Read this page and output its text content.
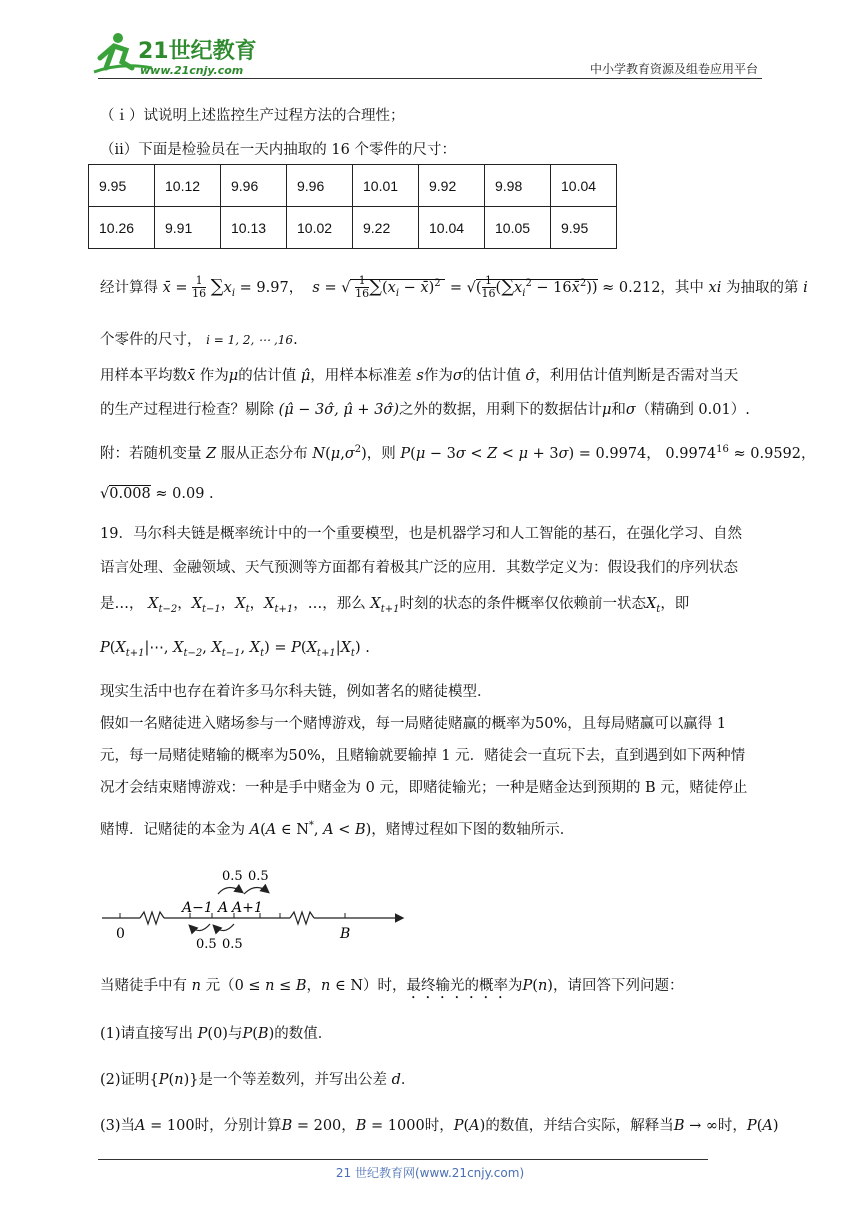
21世纪教育
www.21cnjy.com	中小学教育资源及组卷应用平台
（ｉ）试说明上述监控生产过程方法的合理性；
（ii）下面是检验员在一天内抽取的 16 个零件的尺寸：
9.95	10.12	9.96	9.96	10.01	9.92	9.98	10.04
10.26	9.91	10.13	10.02	9.22	10.04	10.05	9.95
经计算得 x̄ = $\frac{1}{16} \sum x_i = 9.97$，  s = √ $\frac{1}{16} \sum(x_i$ − x̄)$^2$  = √( $\frac{1}{16} (\sum x_i^2$ − 16x̄$^2$)) ≈ 0.212，其中 xi 为抽取的第 i
个零件的尺寸， i = 1, 2, ⋯ ,16.
用样本平均数x̄ 作为μ的估计值 μ̂，用样本标准差 s作为σ的估计值 σ̂，利用估计值判断是否需对当天
的生产过程进行检查？剔除 (μ̂ − 3σ̂, μ̂ + 3σ̂)之外的数据，用剩下的数据估计μ和σ（精确到 0.01）.
附：若随机变量 Z 服从正态分布 $N(\mu,\sigma^2)$，则 P(μ − 3σ < Z < μ + 3σ) = 0.9974， $0.9974^{16} \approx 0.9592$，
√0.008 ≈ 0.09 .
19．马尔科夫链是概率统计中的一个重要模型，也是机器学习和人工智能的基石，在强化学习、自然
语言处理、金融领域、天气预测等方面都有着极其广泛的应用．其数学定义为：假设我们的序列状态
是…， $X_{t-2}$，$X_{t-1}$，$X_t$，$X_{t+1}$，…，那么 $X_{t+1}$时刻的状态的条件概率仅依赖前一状态$X_t$，即
$P(X_{t+1}|\cdots$, $X_{t-2}$, $X_{t-1}$, $X_t) = P(X_{t+1}|X_t)$ .
现实生活中也存在着许多马尔科夫链，例如著名的赌徒模型．
假如一名赌徒进入赌场参与一个赌博游戏，每一局赌徒赌赢的概率为50%，且每局赌赢可以赢得 1
元，每一局赌徒赌输的概率为50%，且赌输就要输掉 1 元．赌徒会一直玩下去，直到遇到如下两种情
况才会结束赌博游戏：一种是手中赌金为 0 元，即赌徒输光；一种是赌金达到预期的 B 元，赌徒停止
赌博．记赌徒的本金为 A(A ∈ N*, A < B)，赌博过程如下图的数轴所示．
0
A−1 A A+1
B
0.5 0.5
0.5 0.5
当赌徒手中有 n 元（0 ≤ n ≤ B，n ∈ N）时，最终输光的概率为P(n)，请回答下列问题：
(1)请直接写出 P(0)与P(B)的数值．
(2)证明{P(n)}是一个等差数列，并写出公差 d．
(3)当A = 100时，分别计算B = 200，B = 1000时，P(A)的数值，并结合实际，解释当B → ∞时，P(A)
21 世纪教育网(www.21cnjy.com)
